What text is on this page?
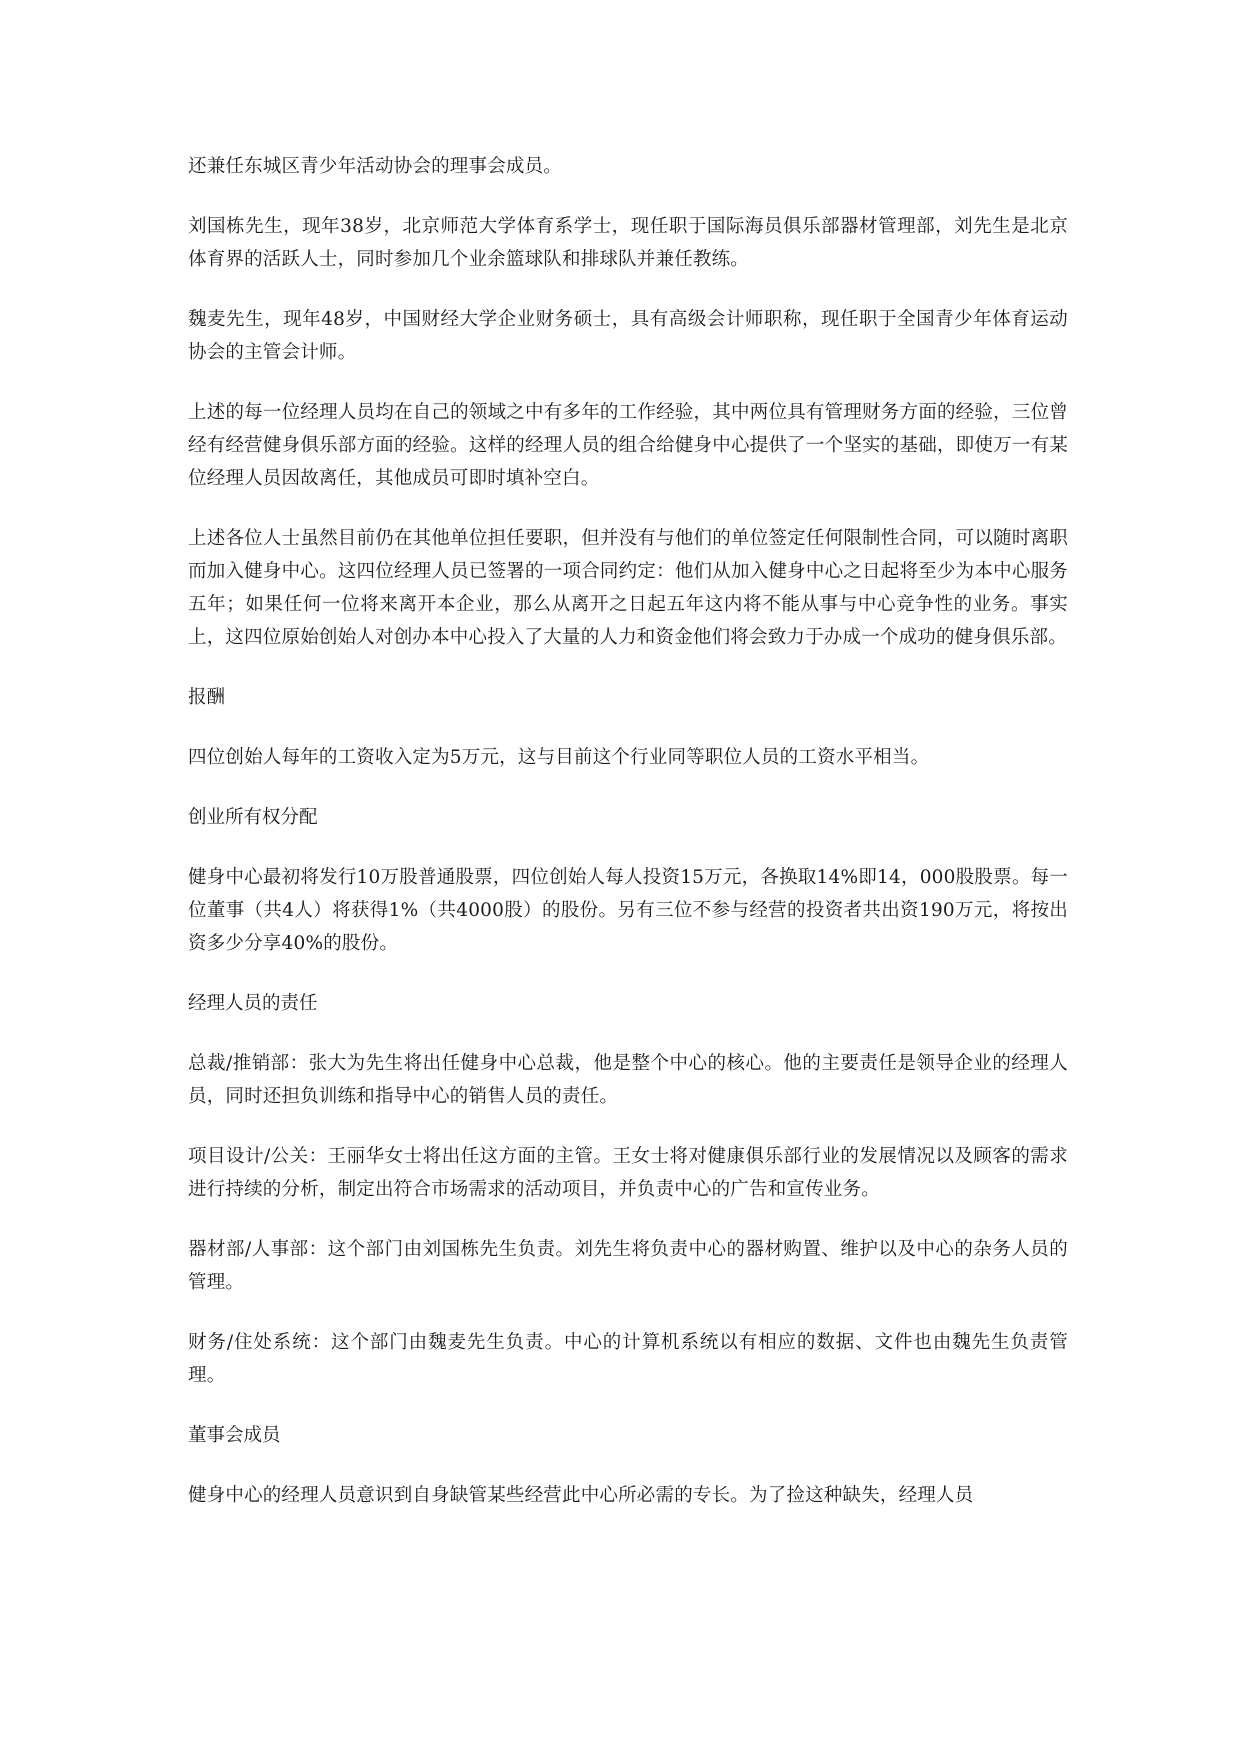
还兼任东城区青少年活动协会的理事会成员。

刘国栋先生，现年38岁，北京师范大学体育系学士，现任职于国际海员俱乐部器材管理部，刘先生是北京体育界的活跃人士，同时参加几个业余篮球队和排球队并兼任教练。

魏麦先生，现年48岁，中国财经大学企业财务硕士，具有高级会计师职称，现任职于全国青少年体育运动协会的主管会计师。

上述的每一位经理人员均在自己的领域之中有多年的工作经验，其中两位具有管理财务方面的经验，三位曾经有经营健身俱乐部方面的经验。这样的经理人员的组合给健身中心提供了一个坚实的基础，即使万一有某位经理人员因故离任，其他成员可即时填补空白。

上述各位人士虽然目前仍在其他单位担任要职，但并没有与他们的单位签定任何限制性合同，可以随时离职而加入健身中心。这四位经理人员已签署的一项合同约定：他们从加入健身中心之日起将至少为本中心服务五年；如果任何一位将来离开本企业，那么从离开之日起五年这内将不能从事与中心竞争性的业务。事实上，这四位原始创始人对创办本中心投入了大量的人力和资金他们将会致力于办成一个成功的健身俱乐部。

报酬

四位创始人每年的工资收入定为5万元，这与目前这个行业同等职位人员的工资水平相当。

创业所有权分配

健身中心最初将发行10万股普通股票，四位创始人每人投资15万元，各换取14%即14，000股股票。每一位董事（共4人）将获得1%（共4000股）的股份。另有三位不参与经营的投资者共出资190万元，将按出资多少分享40%的股份。

经理人员的责任

总裁/推销部：张大为先生将出任健身中心总裁，他是整个中心的核心。他的主要责任是领导企业的经理人员，同时还担负训练和指导中心的销售人员的责任。

项目设计/公关：王丽华女士将出任这方面的主管。王女士将对健康俱乐部行业的发展情况以及顾客的需求进行持续的分析，制定出符合市场需求的活动项目，并负责中心的广告和宣传业务。

器材部/人事部：这个部门由刘国栋先生负责。刘先生将负责中心的器材购置、维护以及中心的杂务人员的管理。

财务/住处系统：这个部门由魏麦先生负责。中心的计算机系统以有相应的数据、文件也由魏先生负责管理。

董事会成员

健身中心的经理人员意识到自身缺管某些经营此中心所必需的专长。为了捡这种缺失，经理人员
